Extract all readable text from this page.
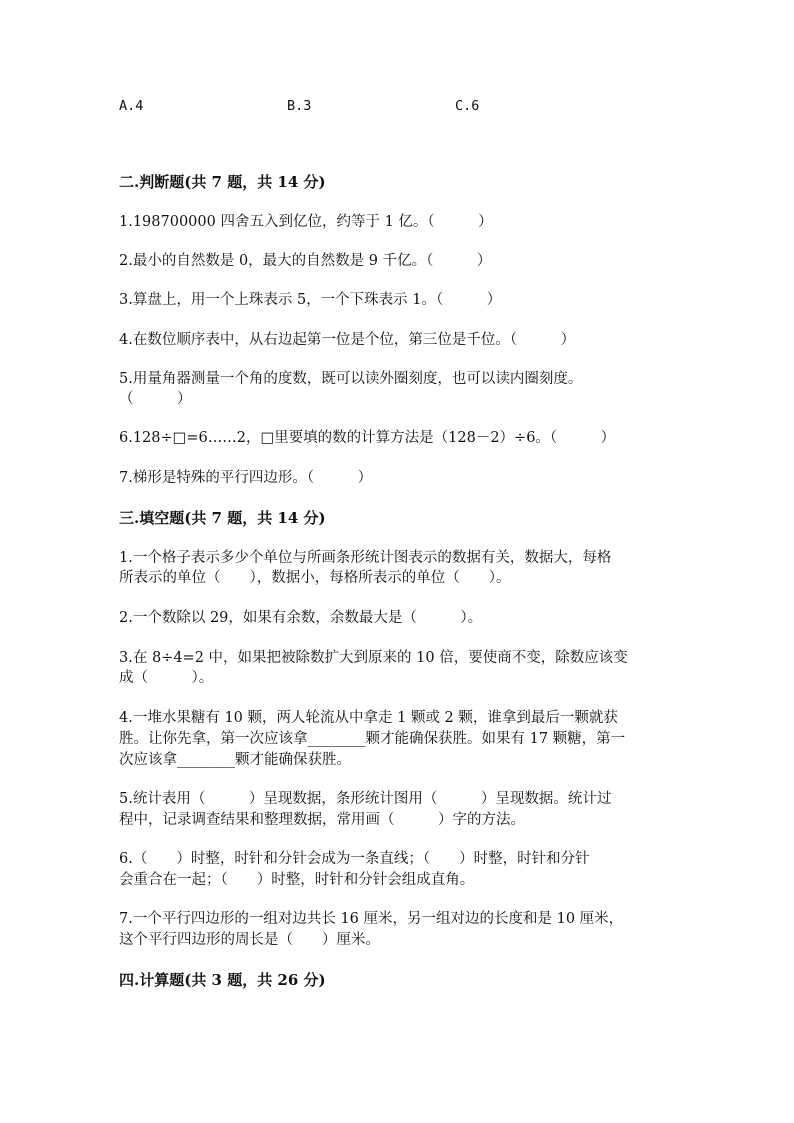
A.4	B.3	C.6
二.判断题(共 7 题，共 14 分)
1.198700000 四舍五入到亿位，约等于 1 亿。（　　　）
2.最小的自然数是 0，最大的自然数是 9 千亿。（　　　）
3.算盘上，用一个上珠表示 5，一个下珠表示 1。（　　　）
4.在数位顺序表中，从右边起第一位是个位，第三位是千位。（　　　）
5.用量角器测量一个角的度数，既可以读外圈刻度，也可以读内圈刻度。
（　　　）
6.128÷□=6……2，□里要填的数的计算方法是（128－2）÷6。（　　　）
7.梯形是特殊的平行四边形。（　　　）
三.填空题(共 7 题，共 14 分)
1.一个格子表示多少个单位与所画条形统计图表示的数据有关，数据大，每格
所表示的单位（　　），数据小，每格所表示的单位（　　）。
2.一个数除以 29，如果有余数，余数最大是（　　　）。
3.在 8÷4=2 中，如果把被除数扩大到原来的 10 倍，要使商不变，除数应该变
成（　　　）。
4.一堆水果糖有 10 颗，两人轮流从中拿走 1 颗或 2 颗，谁拿到最后一颗就获
胜。让你先拿，第一次应该拿________颗才能确保获胜。如果有 17 颗糖，第一
次应该拿________颗才能确保获胜。
5.统计表用（　　　）呈现数据，条形统计图用（　　　）呈现数据。统计过
程中，记录调查结果和整理数据，常用画（　　　）字的方法。
6.（　　）时整，时针和分针会成为一条直线；（　　）时整，时针和分针
会重合在一起；（　　）时整，时针和分针会组成直角。
7.一个平行四边形的一组对边共长 16 厘米，另一组对边的长度和是 10 厘米，
这个平行四边形的周长是（　　）厘米。
四.计算题(共 3 题，共 26 分)
